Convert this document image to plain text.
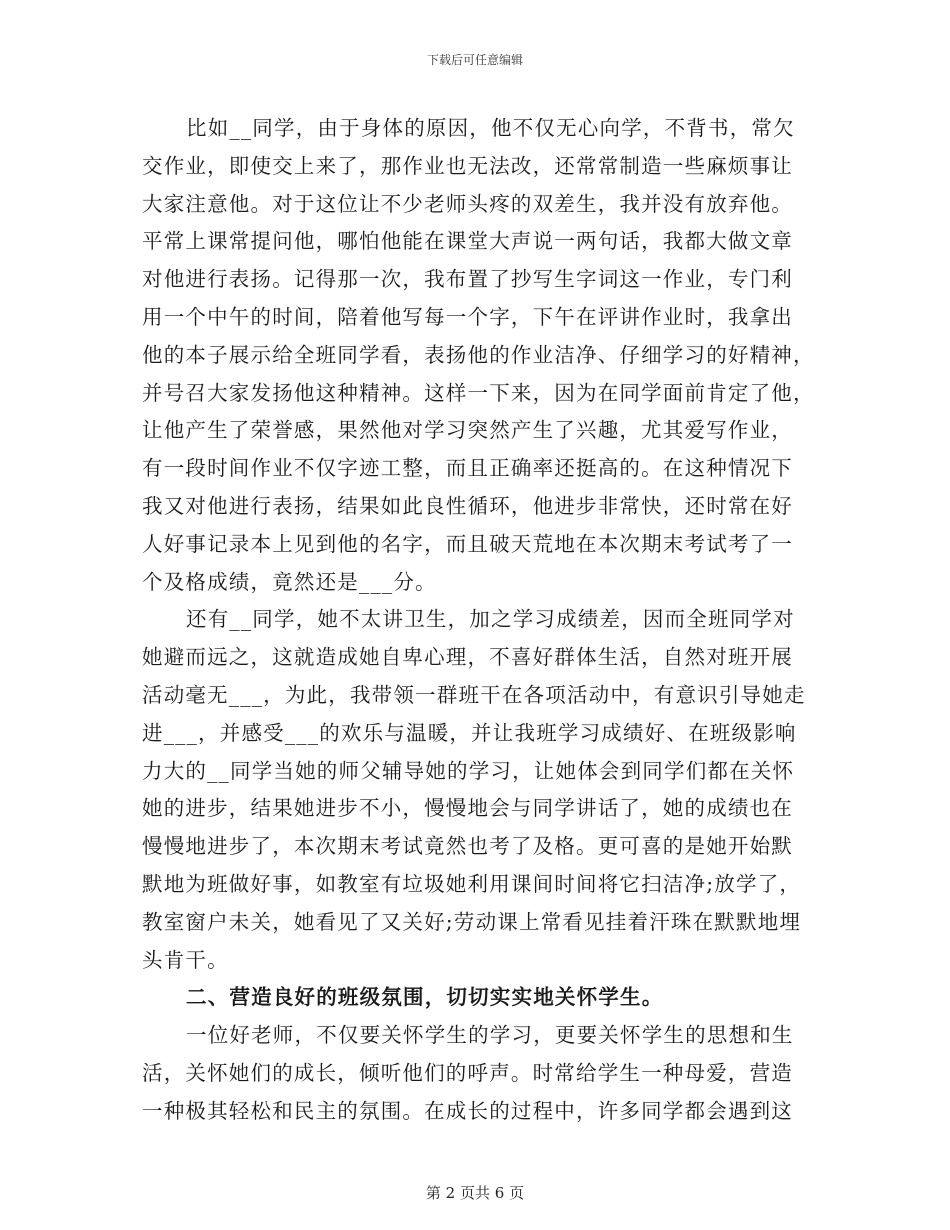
下载后可任意编辑
比如__同学，由于身体的原因，他不仅无心向学，不背书，常欠
交作业，即使交上来了，那作业也无法改，还常常制造一些麻烦事让
大家注意他。对于这位让不少老师头疼的双差生，我并没有放弃他。
平常上课常提问他，哪怕他能在课堂大声说一两句话，我都大做文章
对他进行表扬。记得那一次，我布置了抄写生字词这一作业，专门利
用一个中午的时间，陪着他写每一个字，下午在评讲作业时，我拿出
他的本子展示给全班同学看，表扬他的作业洁净、仔细学习的好精神，
并号召大家发扬他这种精神。这样一下来，因为在同学面前肯定了他，
让他产生了荣誉感，果然他对学习突然产生了兴趣，尤其爱写作业，
有一段时间作业不仅字迹工整，而且正确率还挺高的。在这种情况下
我又对他进行表扬，结果如此良性循环，他进步非常快，还时常在好
人好事记录本上见到他的名字，而且破天荒地在本次期末考试考了一
个及格成绩，竟然还是___分。
还有__同学，她不太讲卫生，加之学习成绩差，因而全班同学对
她避而远之，这就造成她自卑心理，不喜好群体生活，自然对班开展
活动毫无___，为此，我带领一群班干在各项活动中，有意识引导她走
进___，并感受___的欢乐与温暖，并让我班学习成绩好、在班级影响
力大的__同学当她的师父辅导她的学习，让她体会到同学们都在关怀
她的进步，结果她进步不小，慢慢地会与同学讲话了，她的成绩也在
慢慢地进步了，本次期末考试竟然也考了及格。更可喜的是她开始默
默地为班做好事，如教室有垃圾她利用课间时间将它扫洁净;放学了，
教室窗户未关，她看见了又关好;劳动课上常看见挂着汗珠在默默地埋
头肯干。
二、营造良好的班级氛围，切切实实地关怀学生。
一位好老师，不仅要关怀学生的学习，更要关怀学生的思想和生
活，关怀她们的成长，倾听他们的呼声。时常给学生一种母爱，营造
一种极其轻松和民主的氛围。在成长的过程中，许多同学都会遇到这
第 2 页共 6 页
